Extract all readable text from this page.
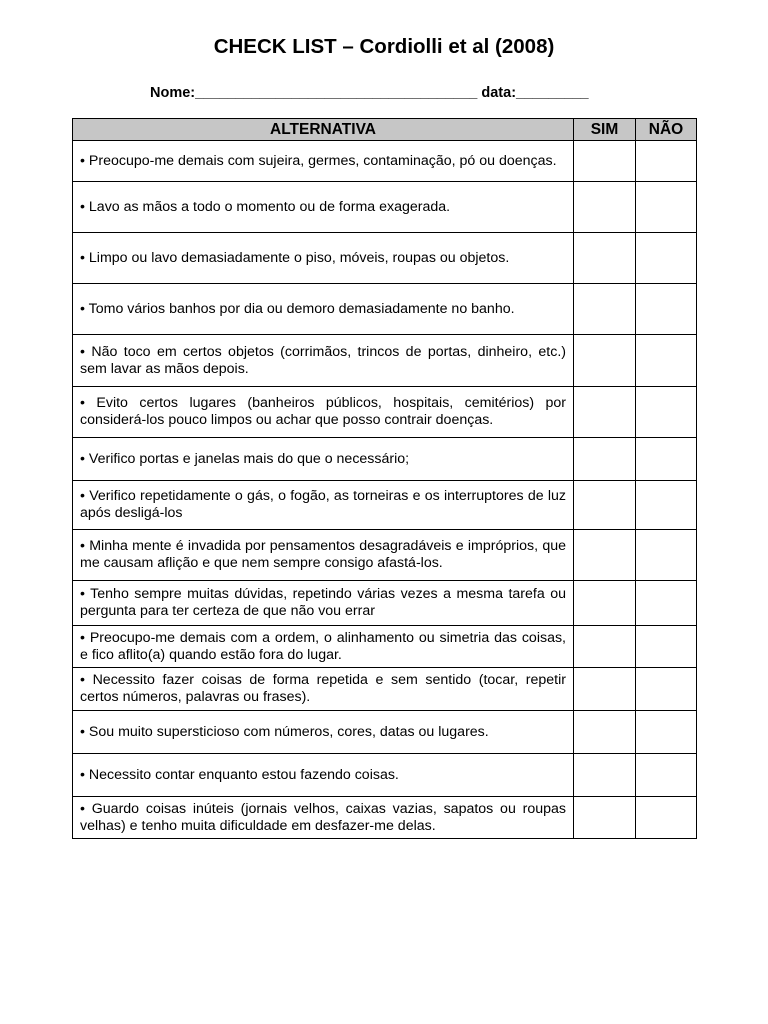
CHECK LIST – Cordiolli et al (2008)
Nome:___________________________________ data:_________
ALTERNATIVA	SIM	NÃO
• Preocupo-me demais com sujeira, germes, contaminação, pó ou doenças.		
• Lavo as mãos a todo o momento ou de forma exagerada.		
• Limpo ou lavo demasiadamente o piso, móveis, roupas ou objetos.		
• Tomo vários banhos por dia ou demoro demasiadamente no banho.		
• Não toco em certos objetos (corrimãos, trincos de portas, dinheiro, etc.) sem lavar as mãos depois.		
• Evito certos lugares (banheiros públicos, hospitais, cemitérios) por considerá-los pouco limpos ou achar que posso contrair doenças.		
• Verifico portas e janelas mais do que o necessário;		
• Verifico repetidamente o gás, o fogão, as torneiras e os interruptores de luz após desligá-los		
• Minha mente é invadida por pensamentos desagradáveis e impróprios, que me causam aflição e que nem sempre consigo afastá-los.		
• Tenho sempre muitas dúvidas, repetindo várias vezes a mesma tarefa ou pergunta para ter certeza de que não vou errar		
• Preocupo-me demais com a ordem, o alinhamento ou simetria das coisas, e fico aflito(a) quando estão fora do lugar.		
• Necessito fazer coisas de forma repetida e sem sentido (tocar, repetir certos números, palavras ou frases).		
• Sou muito supersticioso com números, cores, datas ou lugares.		
• Necessito contar enquanto estou fazendo coisas.		
• Guardo coisas inúteis (jornais velhos, caixas vazias, sapatos ou roupas velhas) e tenho muita dificuldade em desfazer-me delas.		
